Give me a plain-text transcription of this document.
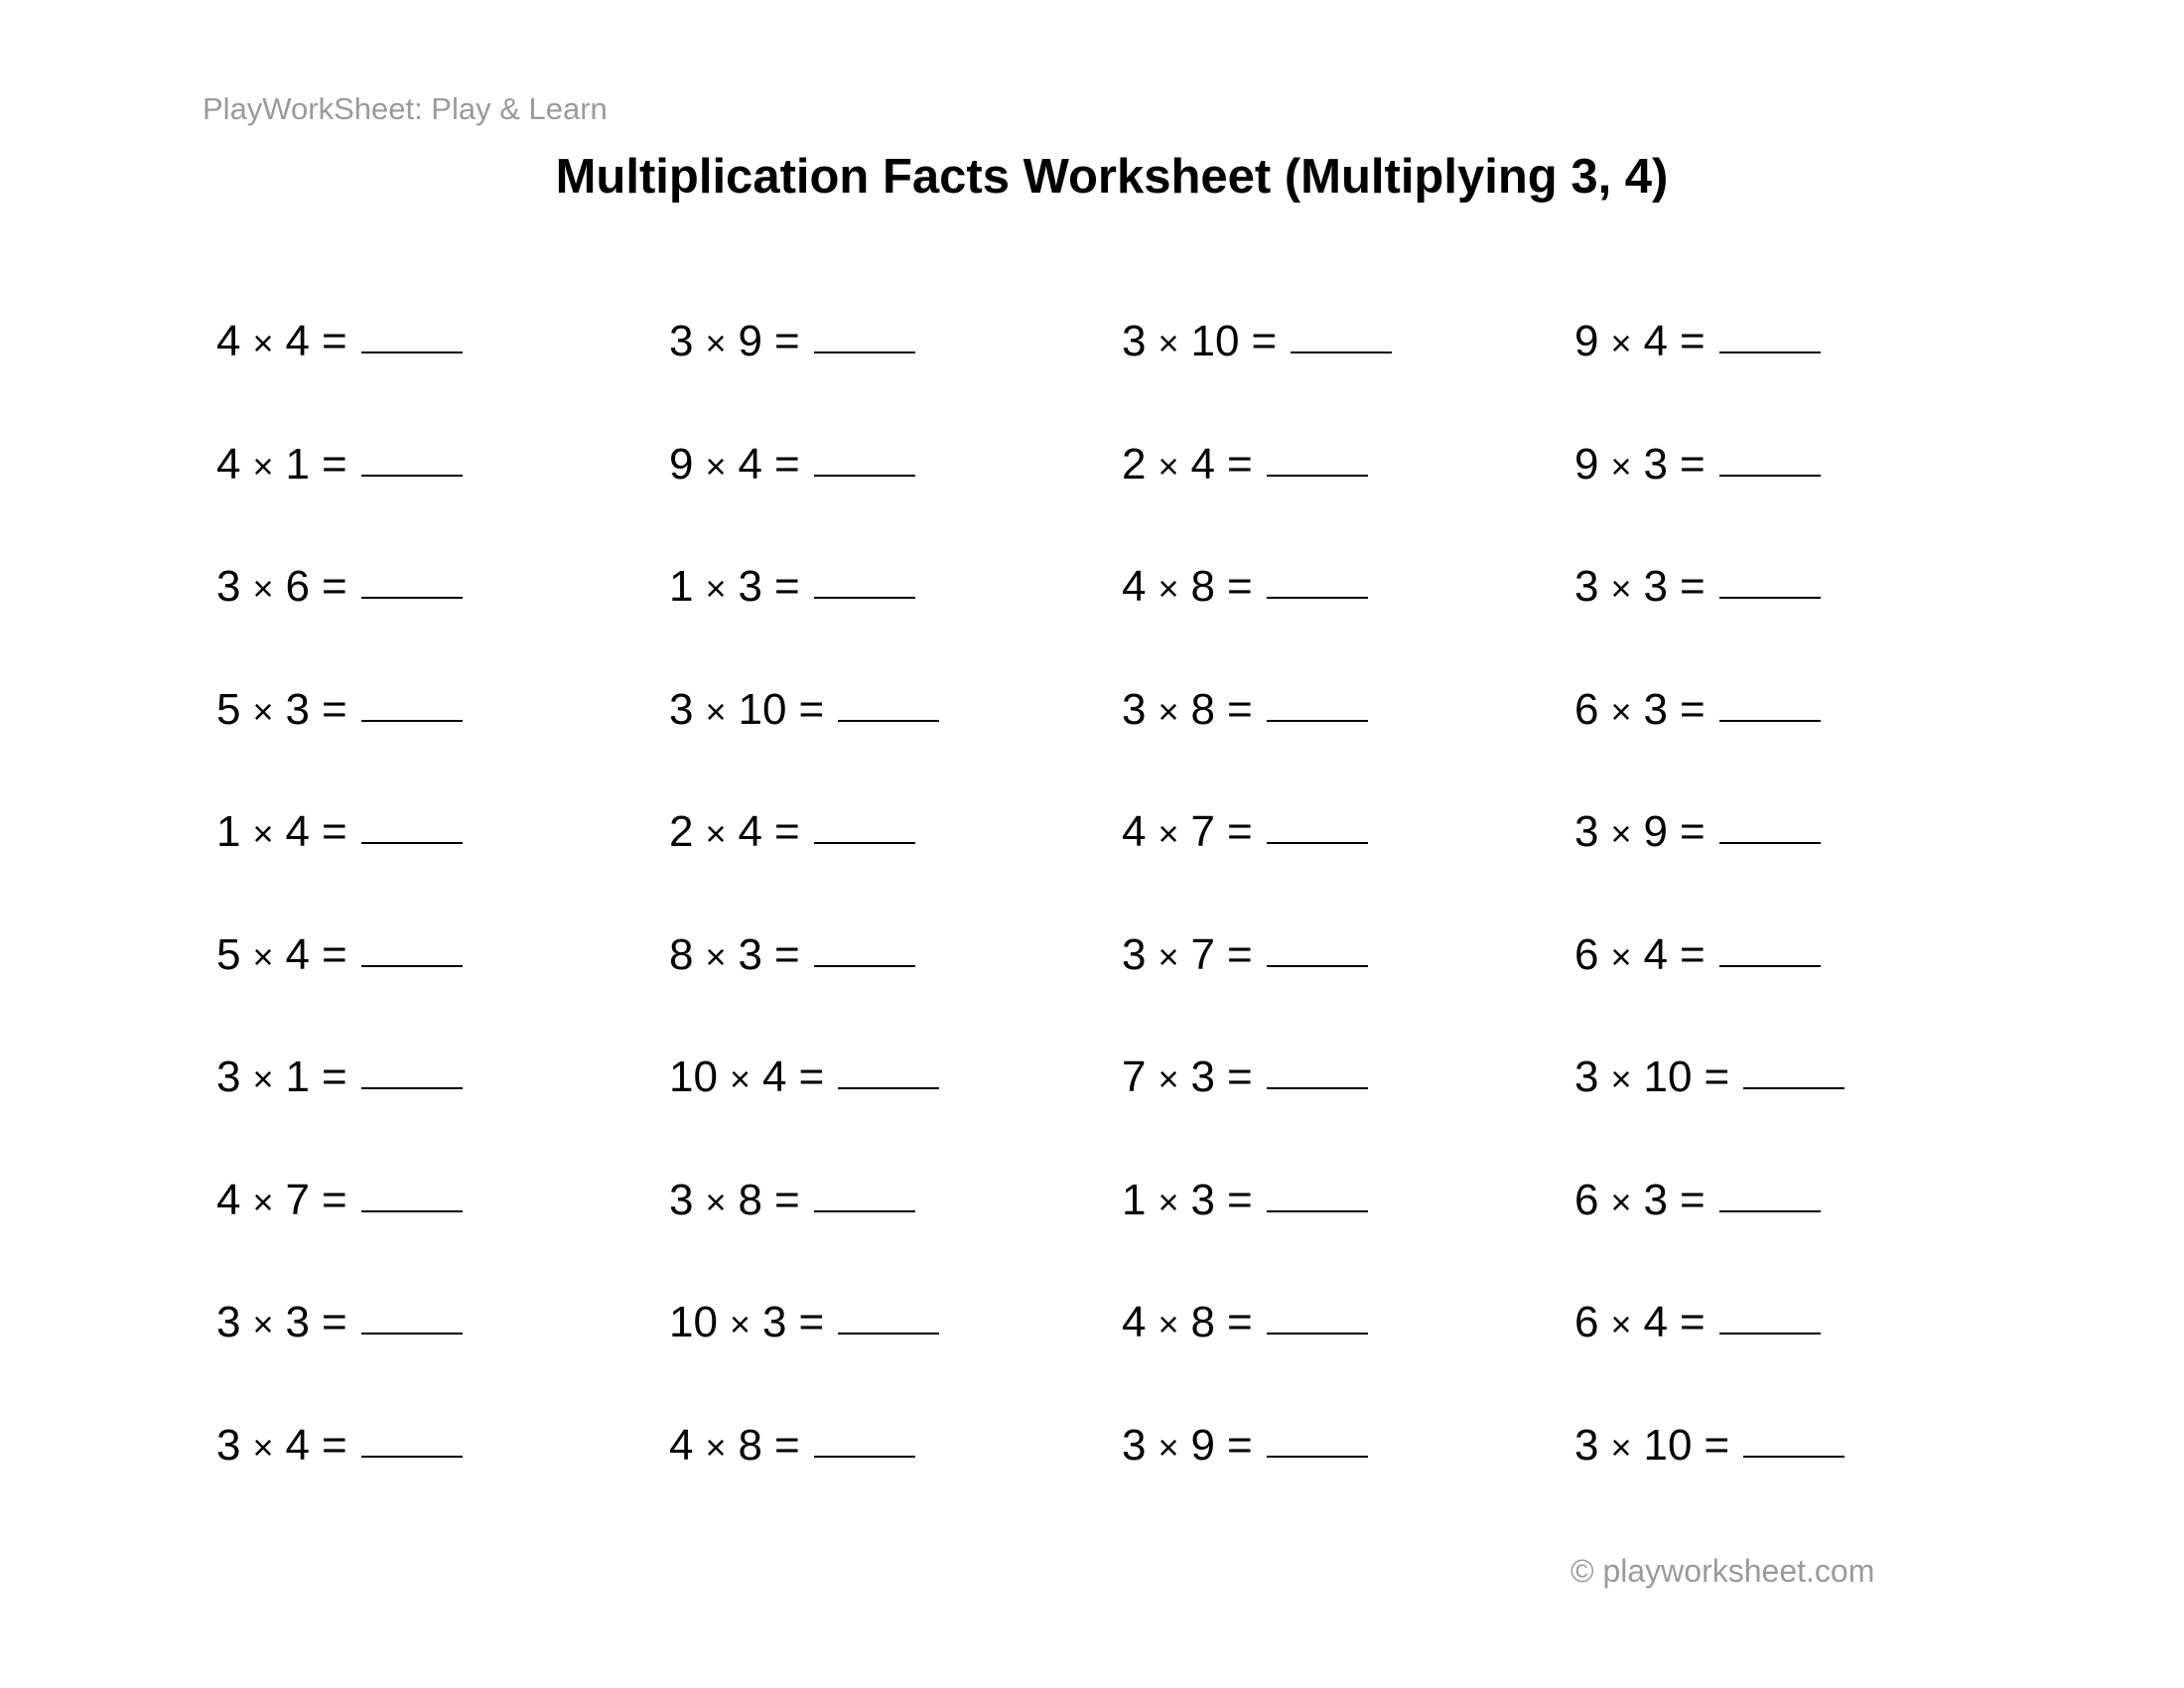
PlayWorkSheet: Play & Learn
Multiplication Facts Worksheet (Multiplying 3, 4)
4 × 4 =	3 × 9 =	3 × 10 =	9 × 4 =
4 × 1 =	9 × 4 =	2 × 4 =	9 × 3 =
3 × 6 =	1 × 3 =	4 × 8 =	3 × 3 =
5 × 3 =	3 × 10 =	3 × 8 =	6 × 3 =
1 × 4 =	2 × 4 =	4 × 7 =	3 × 9 =
5 × 4 =	8 × 3 =	3 × 7 =	6 × 4 =
3 × 1 =	10 × 4 =	7 × 3 =	3 × 10 =
4 × 7 =	3 × 8 =	1 × 3 =	6 × 3 =
3 × 3 =	10 × 3 =	4 × 8 =	6 × 4 =
3 × 4 =	4 × 8 =	3 × 9 =	3 × 10 =
© playworksheet.com
